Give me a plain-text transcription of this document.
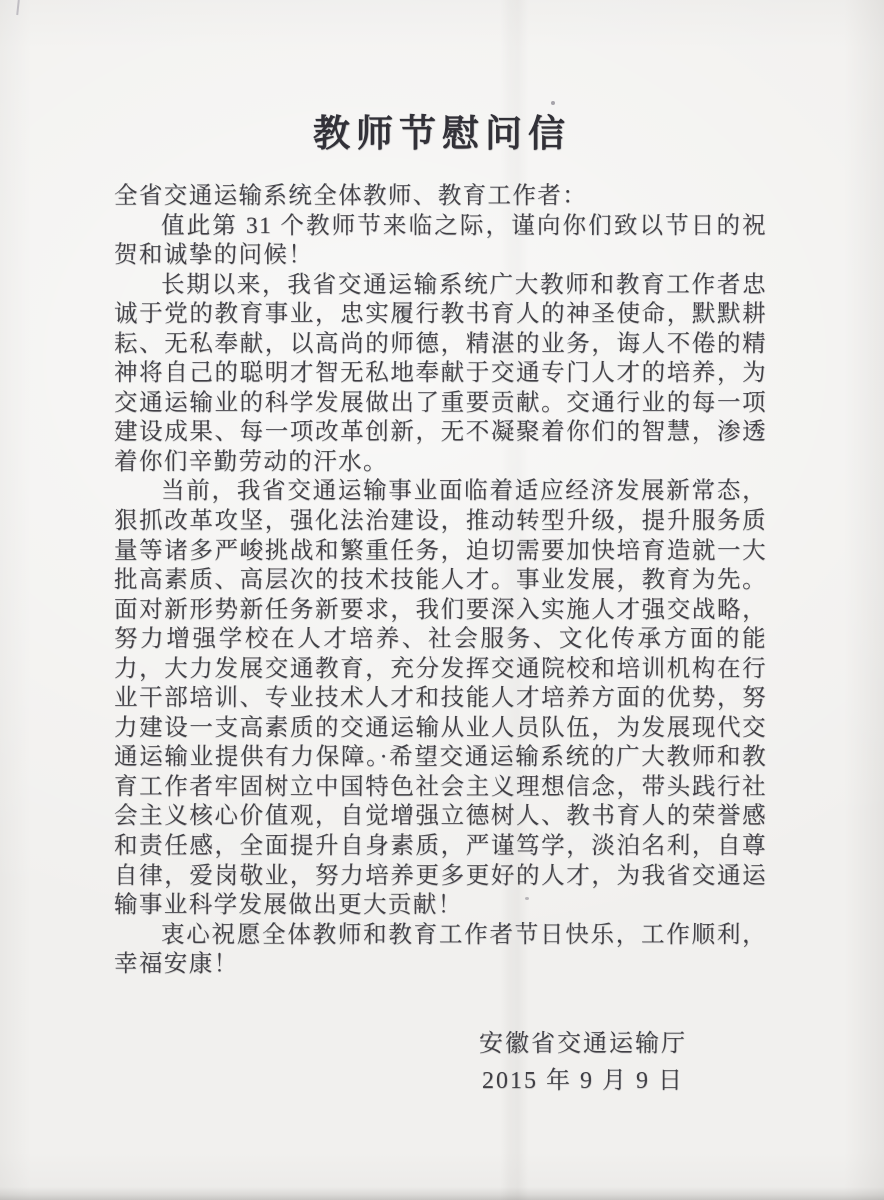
教师节慰问信

全省交通运输系统全体教师、教育工作者：

值此第 31 个教师节来临之际，谨向你们致以节日的祝贺和诚挚的问候！

长期以来，我省交通运输系统广大教师和教育工作者忠诚于党的教育事业，忠实履行教书育人的神圣使命，默默耕耘、无私奉献，以高尚的师德，精湛的业务，诲人不倦的精神将自己的聪明才智无私地奉献于交通专门人才的培养，为交通运输业的科学发展做出了重要贡献。交通行业的每一项建设成果、每一项改革创新，无不凝聚着你们的智慧，渗透着你们辛勤劳动的汗水。

当前，我省交通运输事业面临着适应经济发展新常态，狠抓改革攻坚，强化法治建设，推动转型升级，提升服务质量等诸多严峻挑战和繁重任务，迫切需要加快培育造就一大批高素质、高层次的技术技能人才。事业发展，教育为先。面对新形势新任务新要求，我们要深入实施人才强交战略，努力增强学校在人才培养、社会服务、文化传承方面的能力，大力发展交通教育，充分发挥交通院校和培训机构在行业干部培训、专业技术人才和技能人才培养方面的优势，努力建设一支高素质的交通运输从业人员队伍，为发展现代交通运输业提供有力保障。·希望交通运输系统的广大教师和教育工作者牢固树立中国特色社会主义理想信念，带头践行社会主义核心价值观，自觉增强立德树人、教书育人的荣誉感和责任感，全面提升自身素质，严谨笃学，淡泊名利，自尊自律，爱岗敬业，努力培养更多更好的人才，为我省交通运输事业科学发展做出更大贡献！

衷心祝愿全体教师和教育工作者节日快乐，工作顺利，幸福安康！

安徽省交通运输厅
2015 年 9 月 9 日
